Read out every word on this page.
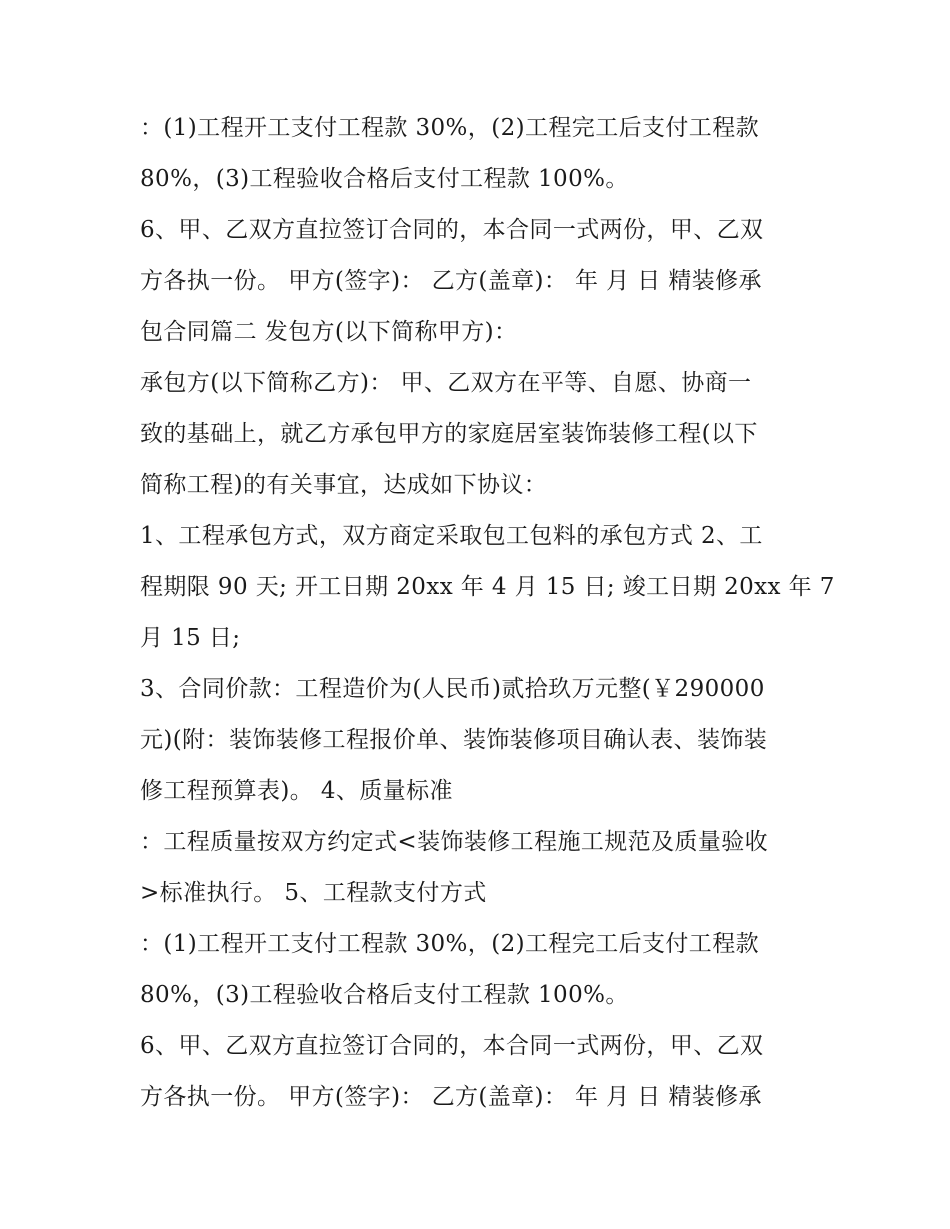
：(1)工程开工支付工程款 30%，(2)工程完工后支付工程款
80%，(3)工程验收合格后支付工程款 100%。
6、甲、乙双方直拉签订合同的，本合同一式两份，甲、乙双
方各执一份。 甲方(签字)： 乙方(盖章)： 年 月 日 精装修承
包合同篇二 发包方(以下简称甲方)：
承包方(以下简称乙方)： 甲、乙双方在平等、自愿、协商一
致的基础上，就乙方承包甲方的家庭居室装饰装修工程(以下
简称工程)的有关事宜，达成如下协议：
1、工程承包方式，双方商定采取包工包料的承包方式 2、工
程期限 90 天; 开工日期 20xx 年 4 月 15 日; 竣工日期 20xx 年 7
月 15 日;
3、合同价款：工程造价为(人民币)贰拾玖万元整(￥290000
元)(附：装饰装修工程报价单、装饰装修项目确认表、装饰装
修工程预算表)。 4、质量标准
：工程质量按双方约定式<装饰装修工程施工规范及质量验收
>标准执行。 5、工程款支付方式
：(1)工程开工支付工程款 30%，(2)工程完工后支付工程款
80%，(3)工程验收合格后支付工程款 100%。
6、甲、乙双方直拉签订合同的，本合同一式两份，甲、乙双
方各执一份。 甲方(签字)： 乙方(盖章)： 年 月 日 精装修承
